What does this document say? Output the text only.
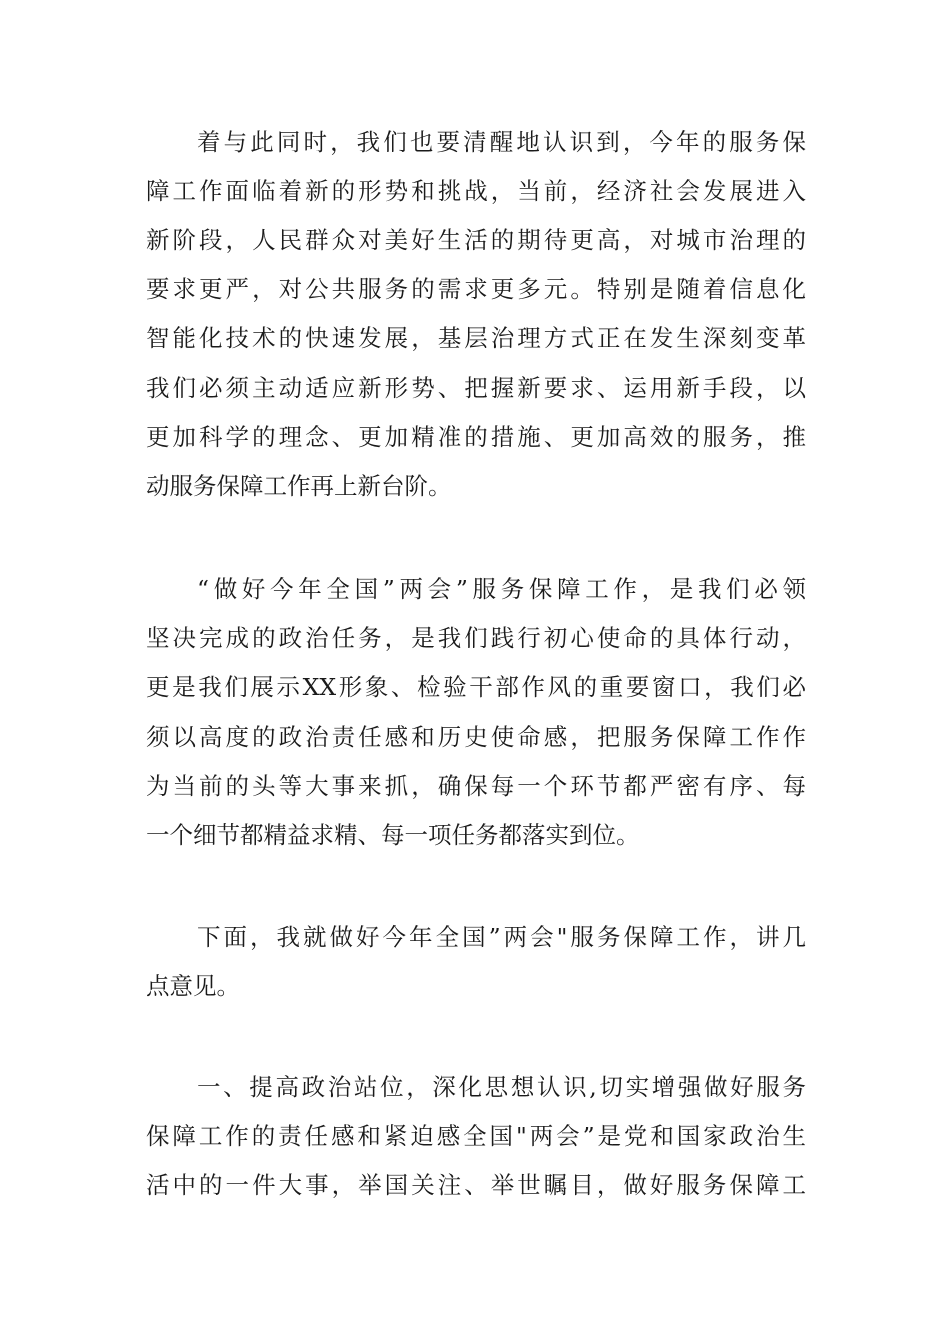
着与此同时，我们也要清醒地认识到，今年的服务保
障工作面临着新的形势和挑战，当前，经济社会发展进入
新阶段，人民群众对美好生活的期待更高，对城市治理的
要求更严，对公共服务的需求更多元。特别是随着信息化
智能化技术的快速发展，基层治理方式正在发生深刻变革
我们必须主动适应新形势、把握新要求、运用新手段，以
更加科学的理念、更加精准的措施、更加高效的服务，推
动服务保障工作再上新台阶。
“做好今年全国”两会”服务保障工作，是我们必领
坚决完成的政治任务，是我们践行初心使命的具体行动，
更是我们展示XX形象、检验干部作风的重要窗口，我们必
须以高度的政治责任感和历史使命感，把服务保障工作作
为当前的头等大事来抓，确保每一个环节都严密有序、每
一个细节都精益求精、每一项任务都落实到位。
下面，我就做好今年全国”两会"服务保障工作，讲几
点意见。
一、提高政治站位，深化思想认识,切实增强做好服务
保障工作的责任感和紧迫感全国"两会”是党和国家政治生
活中的一件大事，举国关注、举世瞩目，做好服务保障工
